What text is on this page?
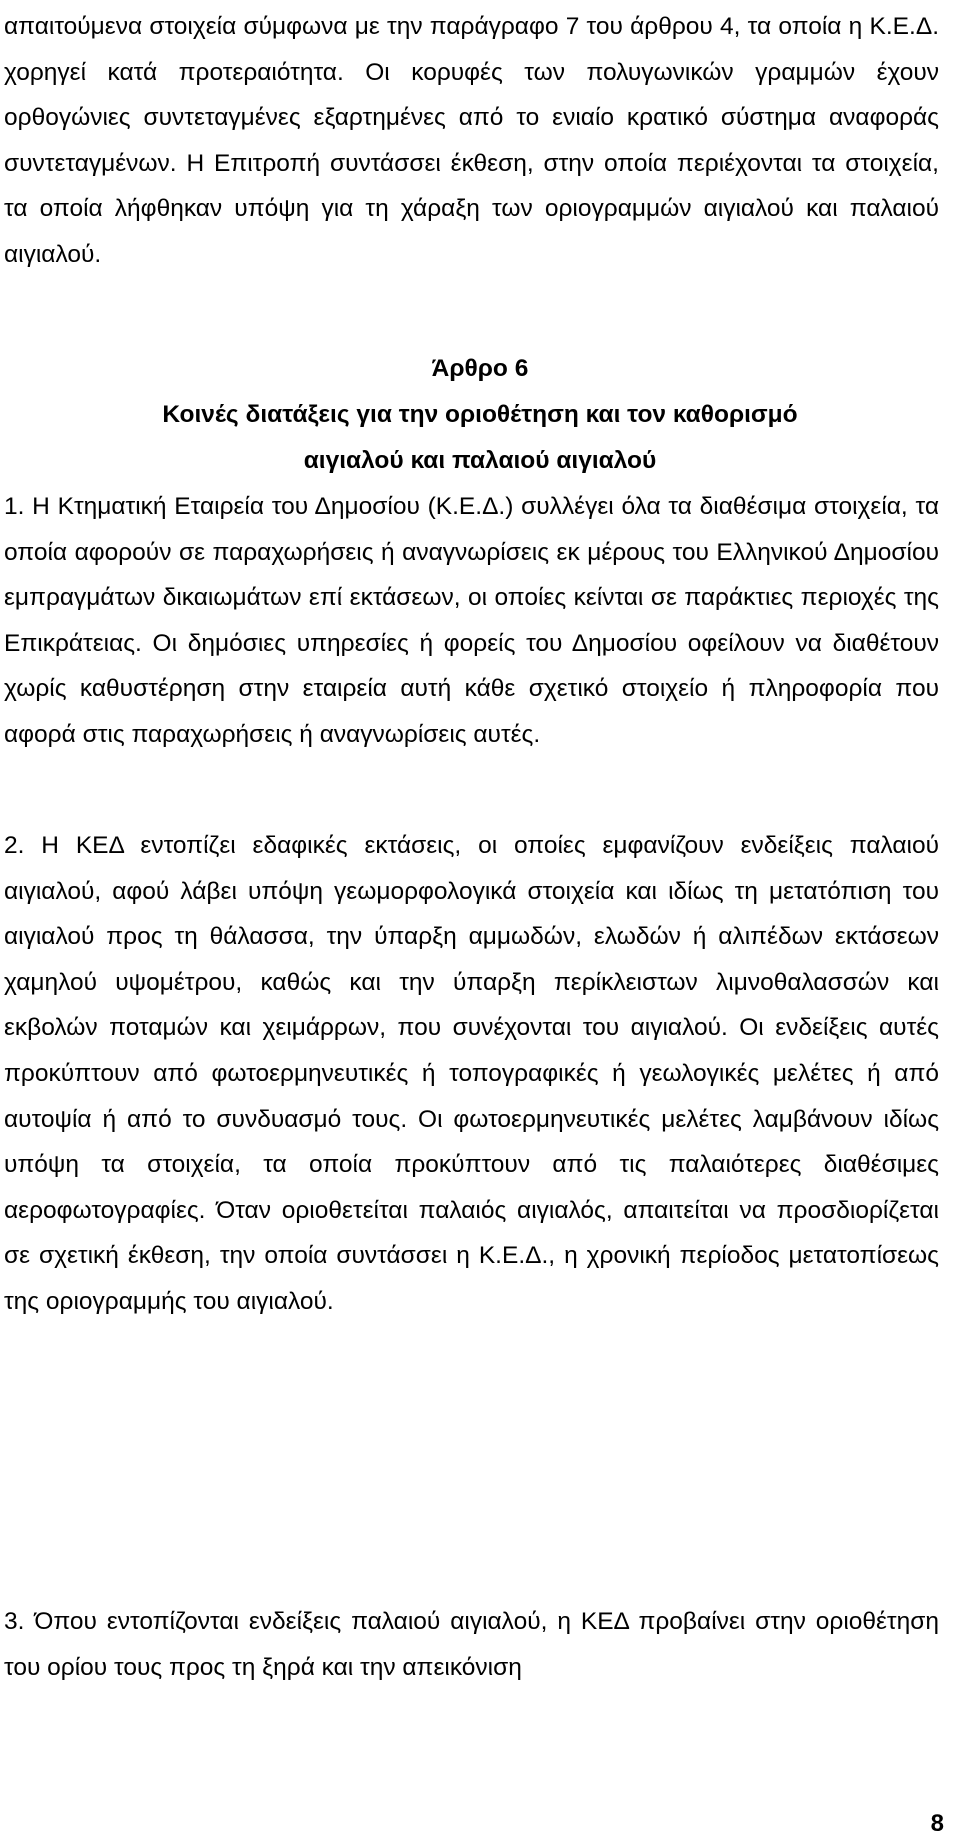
απαιτούμενα στοιχεία σύμφωνα με την παράγραφο 7 του άρθρου 4, τα οποία η Κ.Ε.Δ. χορηγεί κατά προτεραιότητα. Οι κορυφές των πολυγωνικών γραμμών έχουν ορθογώνιες συντεταγμένες εξαρτημένες από το ενιαίο κρατικό σύστημα αναφοράς συντεταγμένων. Η Επιτροπή συντάσσει έκθεση, στην οποία περιέχονται τα στοιχεία, τα οποία λήφθηκαν υπόψη για τη χάραξη των οριογραμμών αιγιαλού και παλαιού αιγιαλού.

Άρθρο 6
Κοινές διατάξεις για την οριοθέτηση και τον καθορισμό
αιγιαλού και παλαιού αιγιαλού

1. Η Κτηματική Εταιρεία του Δημοσίου (Κ.Ε.Δ.) συλλέγει όλα τα διαθέσιμα στοιχεία, τα οποία αφορούν σε παραχωρήσεις ή αναγνωρίσεις εκ μέρους του Ελληνικού Δημοσίου εμπραγμάτων δικαιωμάτων επί εκτάσεων, οι οποίες κείνται σε παράκτιες περιοχές της Επικράτειας. Οι δημόσιες υπηρεσίες ή φορείς του Δημοσίου οφείλουν να διαθέτουν χωρίς καθυστέρηση στην εταιρεία αυτή κάθε σχετικό στοιχείο ή πληροφορία που αφορά στις παραχωρήσεις ή αναγνωρίσεις αυτές.

2. Η ΚΕΔ εντοπίζει εδαφικές εκτάσεις, οι οποίες εμφανίζουν ενδείξεις παλαιού αιγιαλού, αφού λάβει υπόψη γεωμορφολογικά στοιχεία και ιδίως τη μετατόπιση του αιγιαλού προς τη θάλασσα, την ύπαρξη αμμωδών, ελωδών ή αλιπέδων εκτάσεων χαμηλού υψομέτρου, καθώς και την ύπαρξη περίκλειστων λιμνοθαλασσών και εκβολών ποταμών και χειμάρρων, που συνέχονται του αιγιαλού. Οι ενδείξεις αυτές προκύπτουν από φωτοερμηνευτικές ή τοπογραφικές ή γεωλογικές μελέτες ή από αυτοψία ή από το συνδυασμό τους. Οι φωτοερμηνευτικές μελέτες λαμβάνουν ιδίως υπόψη τα στοιχεία, τα οποία προκύπτουν από τις παλαιότερες διαθέσιμες αεροφωτογραφίες. Όταν οριοθετείται παλαιός αιγιαλός, απαιτείται να προσδιορίζεται σε σχετική έκθεση, την οποία συντάσσει η Κ.Ε.Δ., η χρονική περίοδος μετατοπίσεως της οριογραμμής του αιγιαλού.

3. Όπου εντοπίζονται ενδείξεις παλαιού αιγιαλού, η ΚΕΔ προβαίνει στην οριοθέτηση του ορίου τους προς τη ξηρά και την απεικόνιση

8
